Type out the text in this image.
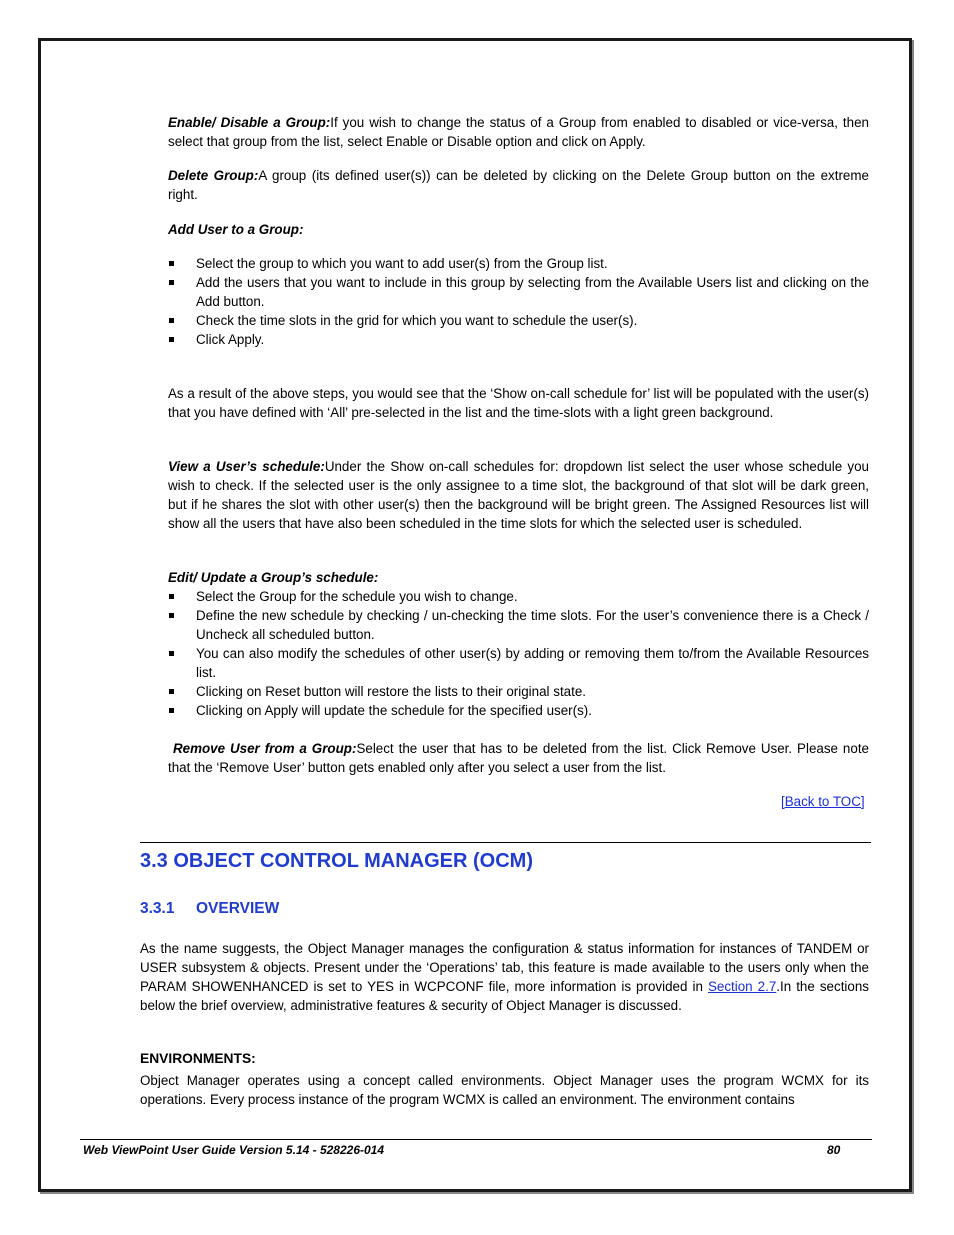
Enable/ Disable a Group:If you wish to change the status of a Group from enabled to disabled or vice-versa, then select that group from the list, select Enable or Disable option and click on Apply.

Delete Group:A group (its defined user(s)) can be deleted by clicking on the Delete Group button on the extreme right.

Add User to a Group:

Select the group to which you want to add user(s) from the Group list.
Add the users that you want to include in this group by selecting from the Available Users list and clicking on the Add button.
Check the time slots in the grid for which you want to schedule the user(s).
Click Apply.

As a result of the above steps, you would see that the ‘Show on-call schedule for’ list will be populated with the user(s) that you have defined with ‘All’ pre-selected in the list and the time-slots with a light green background.

View a User’s schedule:Under the Show on-call schedules for: dropdown list select the user whose schedule you wish to check. If the selected user is the only assignee to a time slot, the background of that slot will be dark green, but if he shares the slot with other user(s) then the background will be bright green. The Assigned Resources list will show all the users that have also been scheduled in the time slots for which the selected user is scheduled.

Edit/ Update a Group’s schedule:

Select the Group for the schedule you wish to change.
Define the new schedule by checking / un-checking the time slots. For the user’s convenience there is a Check / Uncheck all scheduled button.
You can also modify the schedules of other user(s) by adding or removing them to/from the Available Resources list.
Clicking on Reset button will restore the lists to their original state.
Clicking on Apply will update the schedule for the specified user(s).

Remove User from a Group:Select the user that has to be deleted from the list. Click Remove User. Please note that the ‘Remove User’ button gets enabled only after you select a user from the list.

[Back to TOC]

3.3 OBJECT CONTROL MANAGER (OCM)
3.3.1 OVERVIEW

As the name suggests, the Object Manager manages the configuration & status information for instances of TANDEM or USER subsystem & objects. Present under the ‘Operations’ tab, this feature is made available to the users only when the PARAM SHOWENHANCED is set to YES in WCPCONF file, more information is provided in Section 2.7.In the sections below the brief overview, administrative features & security of Object Manager is discussed.

ENVIRONMENTS:

Object Manager operates using a concept called environments. Object Manager uses the program WCMX for its operations. Every process instance of the program WCMX is called an environment. The environment contains

Web ViewPoint User Guide Version 5.14 - 528226-014	80
